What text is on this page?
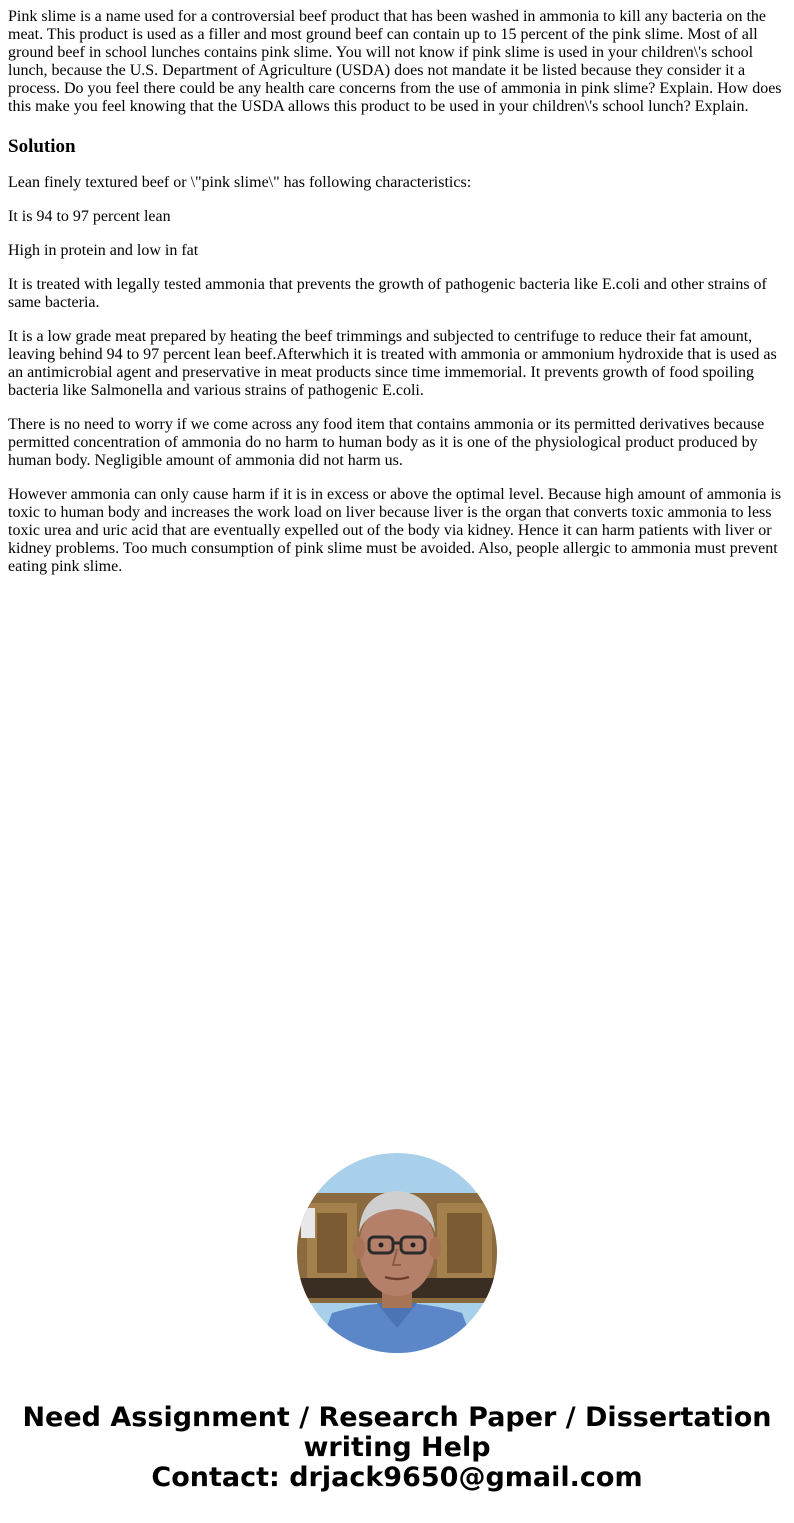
Pink slime is a name used for a controversial beef product that has been washed in ammonia to kill any bacteria on the meat. This product is used as a filler and most ground beef can contain up to 15 percent of the pink slime. Most of all ground beef in school lunches contains pink slime. You will not know if pink slime is used in your children\'s school lunch, because the U.S. Department of Agriculture (USDA) does not mandate it be listed because they consider it a process. Do you feel there could be any health care concerns from the use of ammonia in pink slime? Explain. How does this make you feel knowing that the USDA allows this product to be used in your children\'s school lunch? Explain.

Solution

Lean finely textured beef or \"pink slime\" has following characteristics:

It is 94 to 97 percent lean

High in protein and low in fat

It is treated with legally tested ammonia that prevents the growth of pathogenic bacteria like E.coli and other strains of same bacteria.

It is a low grade meat prepared by heating the beef trimmings and subjected to centrifuge to reduce their fat amount, leaving behind 94 to 97 percent lean beef.Afterwhich it is treated with ammonia or ammonium hydroxide that is used as an antimicrobial agent and preservative in meat products since time immemorial. It prevents growth of food spoiling bacteria like Salmonella and various strains of pathogenic E.coli.

There is no need to worry if we come across any food item that contains ammonia or its permitted derivatives because permitted concentration of ammonia do no harm to human body as it is one of the physiological product produced by human body. Negligible amount of ammonia did not harm us.

However ammonia can only cause harm if it is in excess or above the optimal level. Because high amount of ammonia is toxic to human body and increases the work load on liver because liver is the organ that converts toxic ammonia to less toxic urea and uric acid that are eventually expelled out of the body via kidney. Hence it can harm patients with liver or kidney problems. Too much consumption of pink slime must be avoided. Also, people allergic to ammonia must prevent eating pink slime.

Need Assignment / Research Paper / Dissertation
writing Help
Contact: drjack9650@gmail.com
